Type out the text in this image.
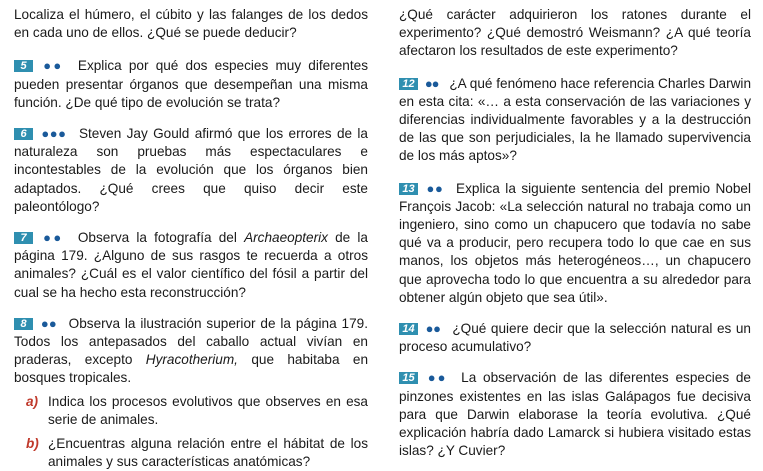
Localiza el húmero, el cúbito y las falanges de los dedos en cada uno de ellos. ¿Qué se puede deducir?

5 ●● Explica por qué dos especies muy diferentes pueden presentar órganos que desempeñan una misma función. ¿De qué tipo de evolución se trata?

6 ●●● Steven Jay Gould afirmó que los errores de la naturaleza son pruebas más espectaculares e incontestables de la evolución que los órganos bien adaptados. ¿Qué crees que quiso decir este paleontólogo?

7 ●● Observa la fotografía del Archaeopterix de la página 179. ¿Alguno de sus rasgos te recuerda a otros animales? ¿Cuál es el valor científico del fósil a partir del cual se ha hecho esta reconstrucción?

8 ●● Observa la ilustración superior de la página 179. Todos los antepasados del caballo actual vivían en praderas, excepto Hyracotherium, que habitaba en bosques tropicales.

a) Indica los procesos evolutivos que observes en esa serie de animales.

b) ¿Encuentras alguna relación entre el hábitat de los animales y sus características anatómicas?

¿Qué carácter adquirieron los ratones durante el experimento? ¿Qué demostró Weismann? ¿A qué teoría afectaron los resultados de este experimento?

12 ●● ¿A qué fenómeno hace referencia Charles Darwin en esta cita: «… a esta conservación de las variaciones y diferencias individualmente favorables y a la destrucción de las que son perjudiciales, la he llamado supervivencia de los más aptos»?

13 ●● Explica la siguiente sentencia del premio Nobel François Jacob: «La selección natural no trabaja como un ingeniero, sino como un chapucero que todavía no sabe qué va a producir, pero recupera todo lo que cae en sus manos, los objetos más heterogéneos…, un chapucero que aprovecha todo lo que encuentra a su alrededor para obtener algún objeto que sea útil».

14 ●● ¿Qué quiere decir que la selección natural es un proceso acumulativo?

15 ●● La observación de las diferentes especies de pinzones existentes en las islas Galápagos fue decisiva para que Darwin elaborase la teoría evolutiva. ¿Qué explicación habría dado Lamarck si hubiera visitado estas islas? ¿Y Cuvier?
